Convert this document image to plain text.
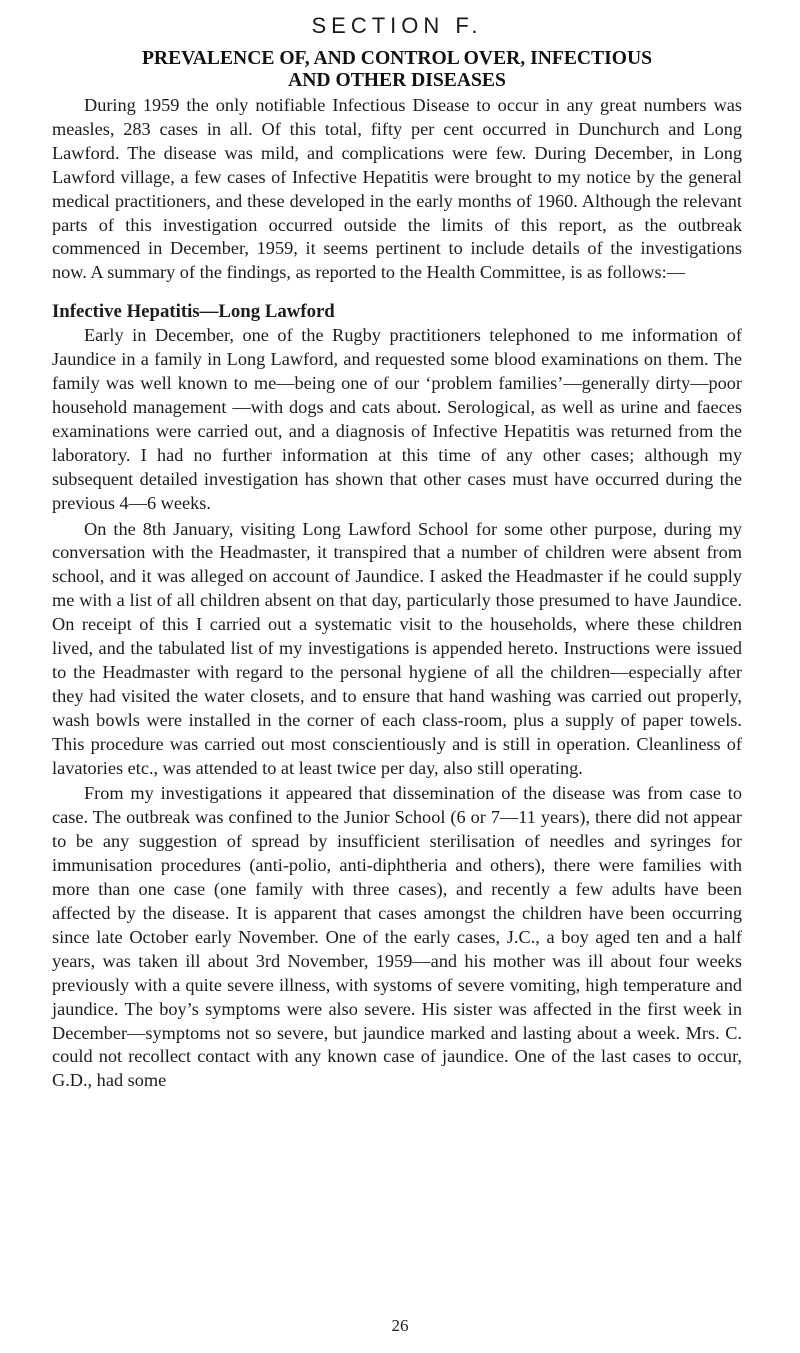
SECTION F.
PREVALENCE OF, AND CONTROL OVER, INFECTIOUS
AND OTHER DISEASES

During 1959 the only notifiable Infectious Disease to occur in any great numbers was measles, 283 cases in all. Of this total, fifty per cent occurred in Dunchurch and Long Lawford. The disease was mild, and complications were few. During December, in Long Lawford village, a few cases of Infective Hepatitis were brought to my notice by the general medical practitioners, and these developed in the early months of 1960. Although the relevant parts of this investigation occurred outside the limits of this report, as the outbreak commenced in December, 1959, it seems pertinent to include details of the investigations now. A summary of the findings, as reported to the Health Committee, is as follows:—

Infective Hepatitis—Long Lawford

Early in December, one of the Rugby practitioners telephoned to me information of Jaundice in a family in Long Lawford, and requested some blood examinations on them. The family was well known to me—being one of our ‘problem families’—generally dirty—poor household management —with dogs and cats about. Serological, as well as urine and faeces examinations were carried out, and a diagnosis of Infective Hepatitis was returned from the laboratory. I had no further information at this time of any other cases; although my subsequent detailed investigation has shown that other cases must have occurred during the previous 4—6 weeks.

On the 8th January, visiting Long Lawford School for some other purpose, during my conversation with the Headmaster, it transpired that a number of children were absent from school, and it was alleged on account of Jaundice. I asked the Headmaster if he could supply me with a list of all children absent on that day, particularly those presumed to have Jaundice. On receipt of this I carried out a systematic visit to the households, where these children lived, and the tabulated list of my investigations is appended hereto. Instructions were issued to the Headmaster with regard to the personal hygiene of all the children—especially after they had visited the water closets, and to ensure that hand washing was carried out properly, wash bowls were installed in the corner of each class-room, plus a supply of paper towels. This procedure was carried out most conscientiously and is still in operation. Cleanliness of lavatories etc., was attended to at least twice per day, also still operating.

From my investigations it appeared that dissemination of the disease was from case to case. The outbreak was confined to the Junior School (6 or 7—11 years), there did not appear to be any suggestion of spread by insufficient sterilisation of needles and syringes for immunisation procedures (anti-polio, anti-diphtheria and others), there were families with more than one case (one family with three cases), and recently a few adults have been affected by the disease. It is apparent that cases amongst the children have been occurring since late October early November. One of the early cases, J.C., a boy aged ten and a half years, was taken ill about 3rd November, 1959—and his mother was ill about four weeks previously with a quite severe illness, with systoms of severe vomiting, high temperature and jaundice. The boy’s symptoms were also severe. His sister was affected in the first week in December—symptoms not so severe, but jaundice marked and lasting about a week. Mrs. C. could not recollect contact with any known case of jaundice. One of the last cases to occur, G.D., had some

26
